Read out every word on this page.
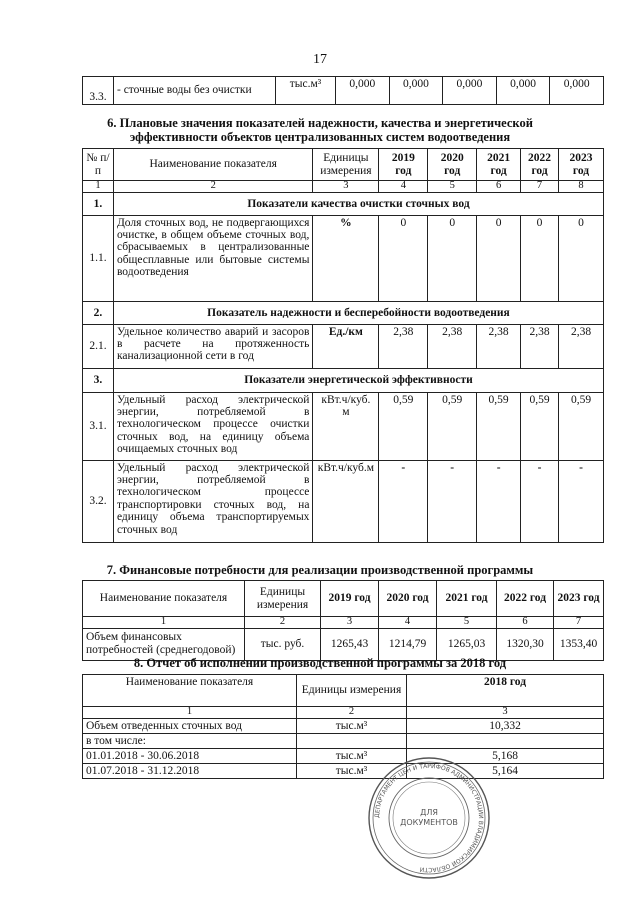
17
3.3.	- сточные воды без очистки	тыс.м³	0,000	0,000	0,000	0,000	0,000
6. Плановые значения показателей надежности, качества и энергетической
эффективности объектов централизованных систем водоотведения
№ п/п	Наименование показателя	Единицы измерения	2019 год	2020 год	2021 год	2022 год	2023 год
1	2	3	4	5	6	7	8
1.	Показатели качества очистки сточных вод						
1.1.	Доля сточных вод, не подвергающихся очистке, в общем объеме сточных вод, сбрасываемых в централизованные общесплавные или бытовые системы водоотведения	%	0	0	0	0	0
2.	Показатель надежности и бесперебойности водоотведения						
2.1.	Удельное количество аварий и засоров в расчете на протяженность канализационной сети в год	Ед./км	2,38	2,38	2,38	2,38	2,38
3.	Показатели энергетической эффективности						
3.1.	Удельный расход электрической энергии, потребляемой в технологическом процессе очистки сточных вод, на единицу объема очищаемых сточных вод	кВт.ч/куб. м	0,59	0,59	0,59	0,59	0,59
3.2.	Удельный расход электрической энергии, потребляемой в технологическом процессе транспортировки сточных вод, на единицу объема транспортируемых сточных вод	кВт.ч/куб.м	-	-	-	-	-
7. Финансовые потребности для реализации производственной программы
Наименование показателя	Единицы измерения	2019 год	2020 год	2021 год	2022 год	2023 год
1	2	3	4	5	6	7
Объем финансовых потребностей (среднегодовой)	тыс. руб.	1265,43	1214,79	1265,03	1320,30	1353,40
8. Отчет об исполнении производственной программы за 2018 год
Наименование показателя	Единицы измерения	2018 год
1	2	3
Объем отведенных сточных вод	тыс.м³	10,332
в том числе:		
01.01.2018 - 30.06.2018	тыс.м³	5,168
01.07.2018 - 31.12.2018	тыс.м³	5,164
ДЕПАРТАМЕНТ ЦЕН И ТАРИФОВ АДМИНИСТРАЦИИ ВЛАДИМИРСКОЙ ОБЛАСТИ
ДЛЯ
ДОКУМЕНТОВ
